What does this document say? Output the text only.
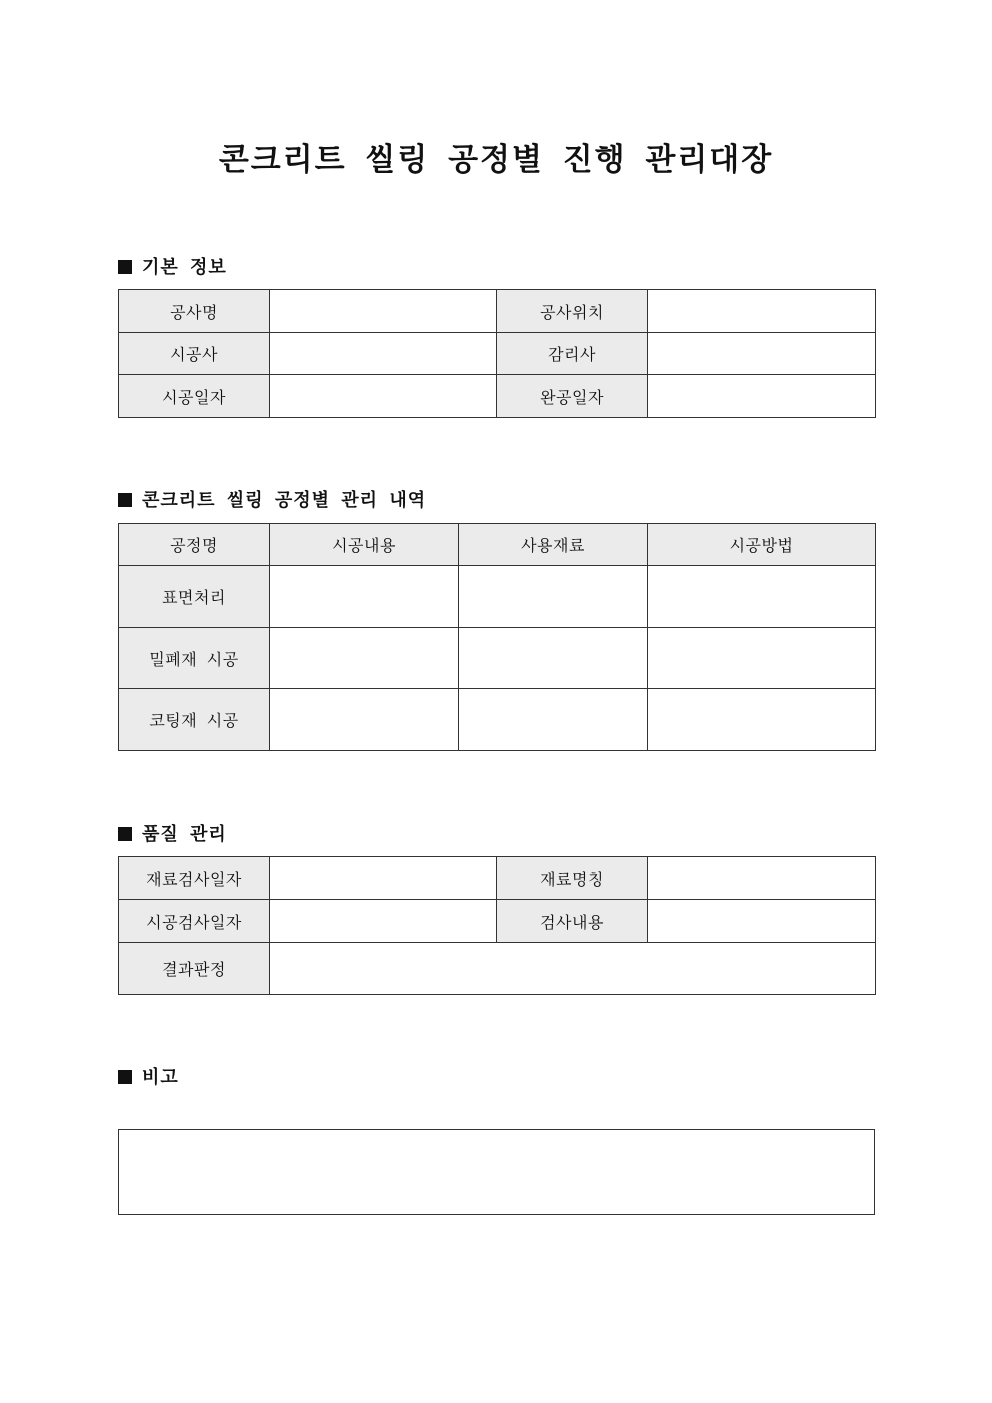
콘크리트 씰링 공정별 진행 관리대장
기본 정보
공사명		공사위치	
시공사		감리사	
시공일자		완공일자	
콘크리트 씰링 공정별 관리 내역
공정명	시공내용	사용재료	시공방법
표면처리			
밀폐재 시공			
코팅재 시공			
품질 관리
재료검사일자		재료명칭	
시공검사일자		검사내용	
결과판정			
비고
